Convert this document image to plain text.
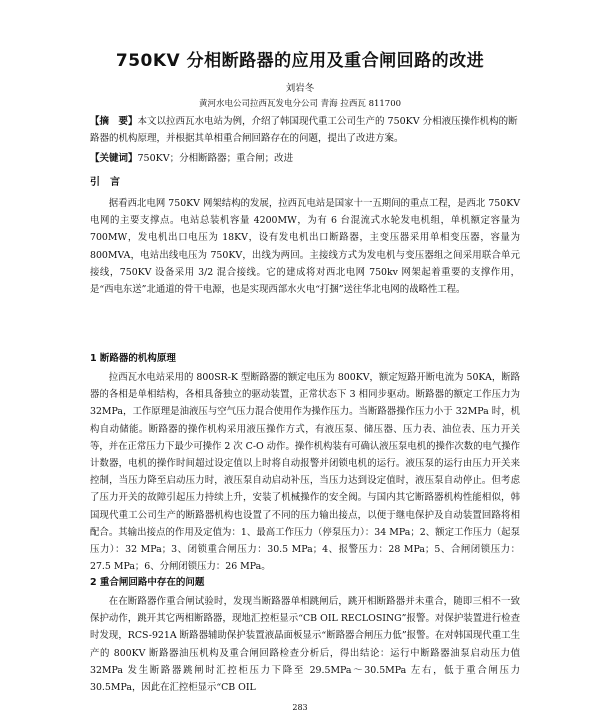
750KV 分相断路器的应用及重合闸回路的改进
刘岩冬
黄河水电公司拉西瓦发电分公司 青海 拉西瓦 811700
【摘　要】本文以拉西瓦水电站为例，介绍了韩国现代重工公司生产的 750KV 分相液压操作机构的断路器的机构原理，并根据其单相重合闸回路存在的问题，提出了改进方案。
【关键词】750KV；分相断路器；重合闸；改进
引　言

据看西北电网 750KV 网架结构的发展，拉西瓦电站是国家十一五期间的重点工程，是西北 750KV 电网的主要支撑点。电站总装机容量 4200MW，为有 6 台混流式水轮发电机组，单机额定容量为 700MW，发电机出口电压为 18KV，设有发电机出口断路器，主变压器采用单相变压器，容量为 800MVA，电站出线电压为 750KV，出线为两回。主接线方式为发电机与变压器组之间采用联合单元接线，750KV 设备采用 3/2 混合接线。它的建成将对西北电网 750kv 网架起着重要的支撑作用，是“西电东送”北通道的骨干电源，也是实现西部水火电“打捆”送往华北电网的战略性工程。

1 断路器的机构原理

拉西瓦水电站采用的 800SR-K 型断路器的额定电压为 800KV，额定短路开断电流为 50KA，断路器的各相是单相结构，各相具备独立的驱动装置，正常状态下 3 相同步驱动。断路器的额定工作压力为 32MPa，工作原理是油液压与空气压力混合使用作为操作压力。当断路器操作压力小于 32MPa 时，机构自动储能。断路器的操作机构采用液压操作方式，有液压泵、储压器、压力表、油位表、压力开关等，并在正常压力下最少可操作 2 次 C-O 动作。操作机构装有可确认液压泵电机的操作次数的电气操作计数器，电机的操作时间超过设定值以上时将自动报警并闭锁电机的运行。液压泵的运行由压力开关来控制，当压力降至启动压力时，液压泵自动启动补压，当压力达到设定值时，液压泵自动停止。但考虑了压力开关的故障引起压力持续上升，安装了机械操作的安全阀。与国内其它断路器机构性能相似，韩国现代重工公司生产的断路器机构也设置了不同的压力输出接点，以便于继电保护及自动装置回路将相配合。其输出接点的作用及定值为：1、最高工作压力（停泵压力）：34 MPa；2、额定工作压力（起泵压力）：32 MPa；3、闭锁重合闸压力：30.5 MPa；4、报警压力：28 MPa；5、合闸闭锁压力：27.5 MPa；6、分闸闭锁压力：26 MPa。

2 重合闸回路中存在的问题

在在断路器作重合闸试验时，发现当断路器单相跳闸后，跳开相断路器并未重合，随即三相不一致保护动作，跳开其它两相断路器，现地汇控柜显示“CB OIL RECLOSING”报警。对保护装置进行检查时发现，RCS-921A 断路器辅助保护装置液晶面板显示“断路器合闸压力低”报警。在对韩国现代重工生产的 800KV 断路器油压机构及重合闸回路检查分析后，得出结论：运行中断路器油泵启动压力值 32MPa 发生断路器跳闸时汇控柜压力下降至 29.5MPa～30.5MPa 左右，低于重合闸压力 30.5MPa，因此在汇控柜显示“CB OIL

283
